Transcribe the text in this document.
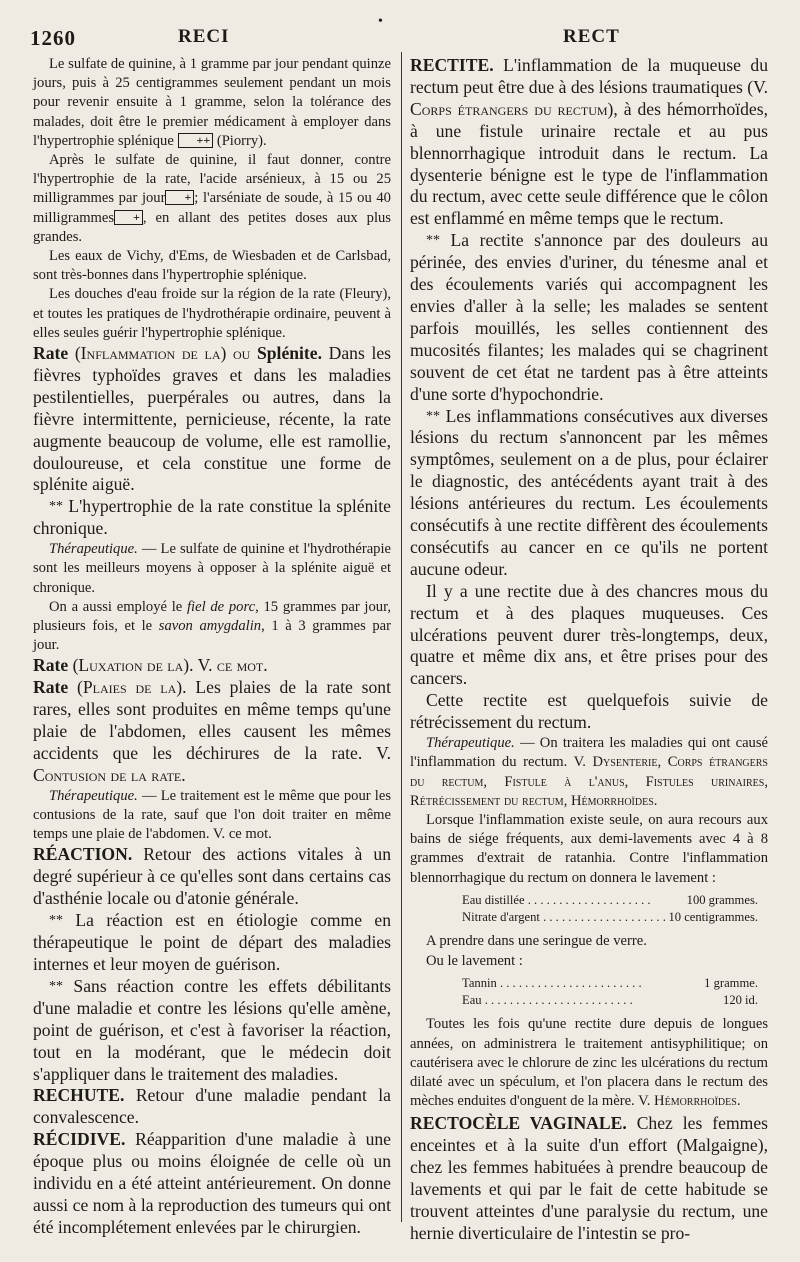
1260	RECI
•
RECT

Le sulfate de quinine, à 1 gramme par jour pendant quinze jours, puis à 25 centigrammes seulement pendant un mois pour revenir ensuite à 1 gramme, selon la tolérance des malades, doit être le premier médicament à employer dans l'hypertrophie splénique ++ (Piorry).

Après le sulfate de quinine, il faut donner, contre l'hypertrophie de la rate, l'acide arsénieux, à 15 ou 25 milligrammes par jour + ; l'arséniate de soude, à 15 ou 40 milligrammes + , en allant des petites doses aux plus grandes.

Les eaux de Vichy, d'Ems, de Wiesbaden et de Carlsbad, sont très-bonnes dans l'hypertrophie splénique.

Les douches d'eau froide sur la région de la rate (Fleury), et toutes les pratiques de l'hydrothérapie ordinaire, peuvent à elles seules guérir l'hypertrophie splénique.

Rate (Inflammation de la) ou Splénite. Dans les fièvres typhoïdes graves et dans les maladies pestilentielles, puerpérales ou autres, dans la fièvre intermittente, pernicieuse, récente, la rate augmente beaucoup de volume, elle est ramollie, douloureuse, et cela constitue une forme de splénite aiguë.

** L'hypertrophie de la rate constitue la splénite chronique.

Thérapeutique. — Le sulfate de quinine et l'hydrothérapie sont les meilleurs moyens à opposer à la splénite aiguë et chronique.

On a aussi employé le fiel de porc, 15 grammes par jour, plusieurs fois, et le savon amygdalin, 1 à 3 grammes par jour.

Rate (Luxation de la). V. ce mot.

Rate (Plaies de la). Les plaies de la rate sont rares, elles sont produites en même temps qu'une plaie de l'abdomen, elles causent les mêmes accidents que les déchirures de la rate. V. Contusion de la rate.

Thérapeutique. — Le traitement est le même que pour les contusions de la rate, sauf que l'on doit traiter en même temps une plaie de l'abdomen. V. ce mot.

RÉACTION. Retour des actions vitales à un degré supérieur à ce qu'elles sont dans certains cas d'asthénie locale ou d'atonie générale.

** La réaction est en étiologie comme en thérapeutique le point de départ des maladies internes et leur moyen de guérison.

** Sans réaction contre les effets débilitants d'une maladie et contre les lésions qu'elle amène, point de guérison, et c'est à favoriser la réaction, tout en la modérant, que le médecin doit s'appliquer dans le traitement des maladies.

RECHUTE. Retour d'une maladie pendant la convalescence.

RÉCIDIVE. Réapparition d'une maladie à une époque plus ou moins éloignée de celle où un individu en a été atteint antérieurement. On donne aussi ce nom à la reproduction des tumeurs qui ont été incomplétement enlevées par le chirurgien.

RECTITE. L'inflammation de la muqueuse du rectum peut être due à des lésions traumatiques (V. Corps étrangers du rectum), à des hémorrhoïdes, à une fistule urinaire rectale et au pus blennorrhagique introduit dans le rectum. La dysenterie bénigne est le type de l'inflammation du rectum, avec cette seule différence que le côlon est enflammé en même temps que le rectum.

** La rectite s'annonce par des douleurs au périnée, des envies d'uriner, du ténesme anal et des écoulements variés qui accompagnent les envies d'aller à la selle; les malades se sentent parfois mouillés, les selles contiennent des mucosités filantes; les malades qui se chagrinent souvent de cet état ne tardent pas à être atteints d'une sorte d'hypochondrie.

** Les inflammations consécutives aux diverses lésions du rectum s'annoncent par les mêmes symptômes, seulement on a de plus, pour éclairer le diagnostic, des antécédents ayant trait à des lésions antérieures du rectum. Les écoulements consécutifs à une rectite diffèrent des écoulements consécutifs au cancer en ce qu'ils ne portent aucune odeur.

Il y a une rectite due à des chancres mous du rectum et à des plaques muqueuses. Ces ulcérations peuvent durer très-longtemps, deux, quatre et même dix ans, et être prises pour des cancers.

Cette rectite est quelquefois suivie de rétrécissement du rectum.

Thérapeutique. — On traitera les maladies qui ont causé l'inflammation du rectum. V. Dysenterie, Corps étrangers du rectum, Fistule à l'anus, Fistules urinaires, Rétrécissement du rectum, Hémorrhoïdes.

Lorsque l'inflammation existe seule, on aura recours aux bains de siége fréquents, aux demi-lavements avec 4 à 8 grammes d'extrait de ratanhia. Contre l'inflammation blennorrhagique du rectum on donnera le lavement :

Eau distillée . . . . . . . . . . . . . . . . . . . .	100 grammes.
Nitrate d'argent . . . . . . . . . . . . . . . . . . . . 10 centigrammes.

A prendre dans une seringue de verre.

Ou le lavement :

Tannin . . . . . . . . . . . . . . . . . . . . . . .	1 gramme.
Eau . . . . . . . . . . . . . . . . . . . . . . . .	120 id.

Toutes les fois qu'une rectite dure depuis de longues années, on administrera le traitement antisyphilitique; on cautérisera avec le chlorure de zinc les ulcérations du rectum dilaté avec un spéculum, et l'on placera dans le rectum des mèches enduites d'onguent de la mère. V. Hémorrhoïdes.

RECTOCÈLE VAGINALE. Chez les femmes enceintes et à la suite d'un effort (Malgaigne), chez les femmes habituées à prendre beaucoup de lavements et qui par le fait de cette habitude se trouvent atteintes d'une paralysie du rectum, une hernie diverticulaire de l'intestin se pro-
